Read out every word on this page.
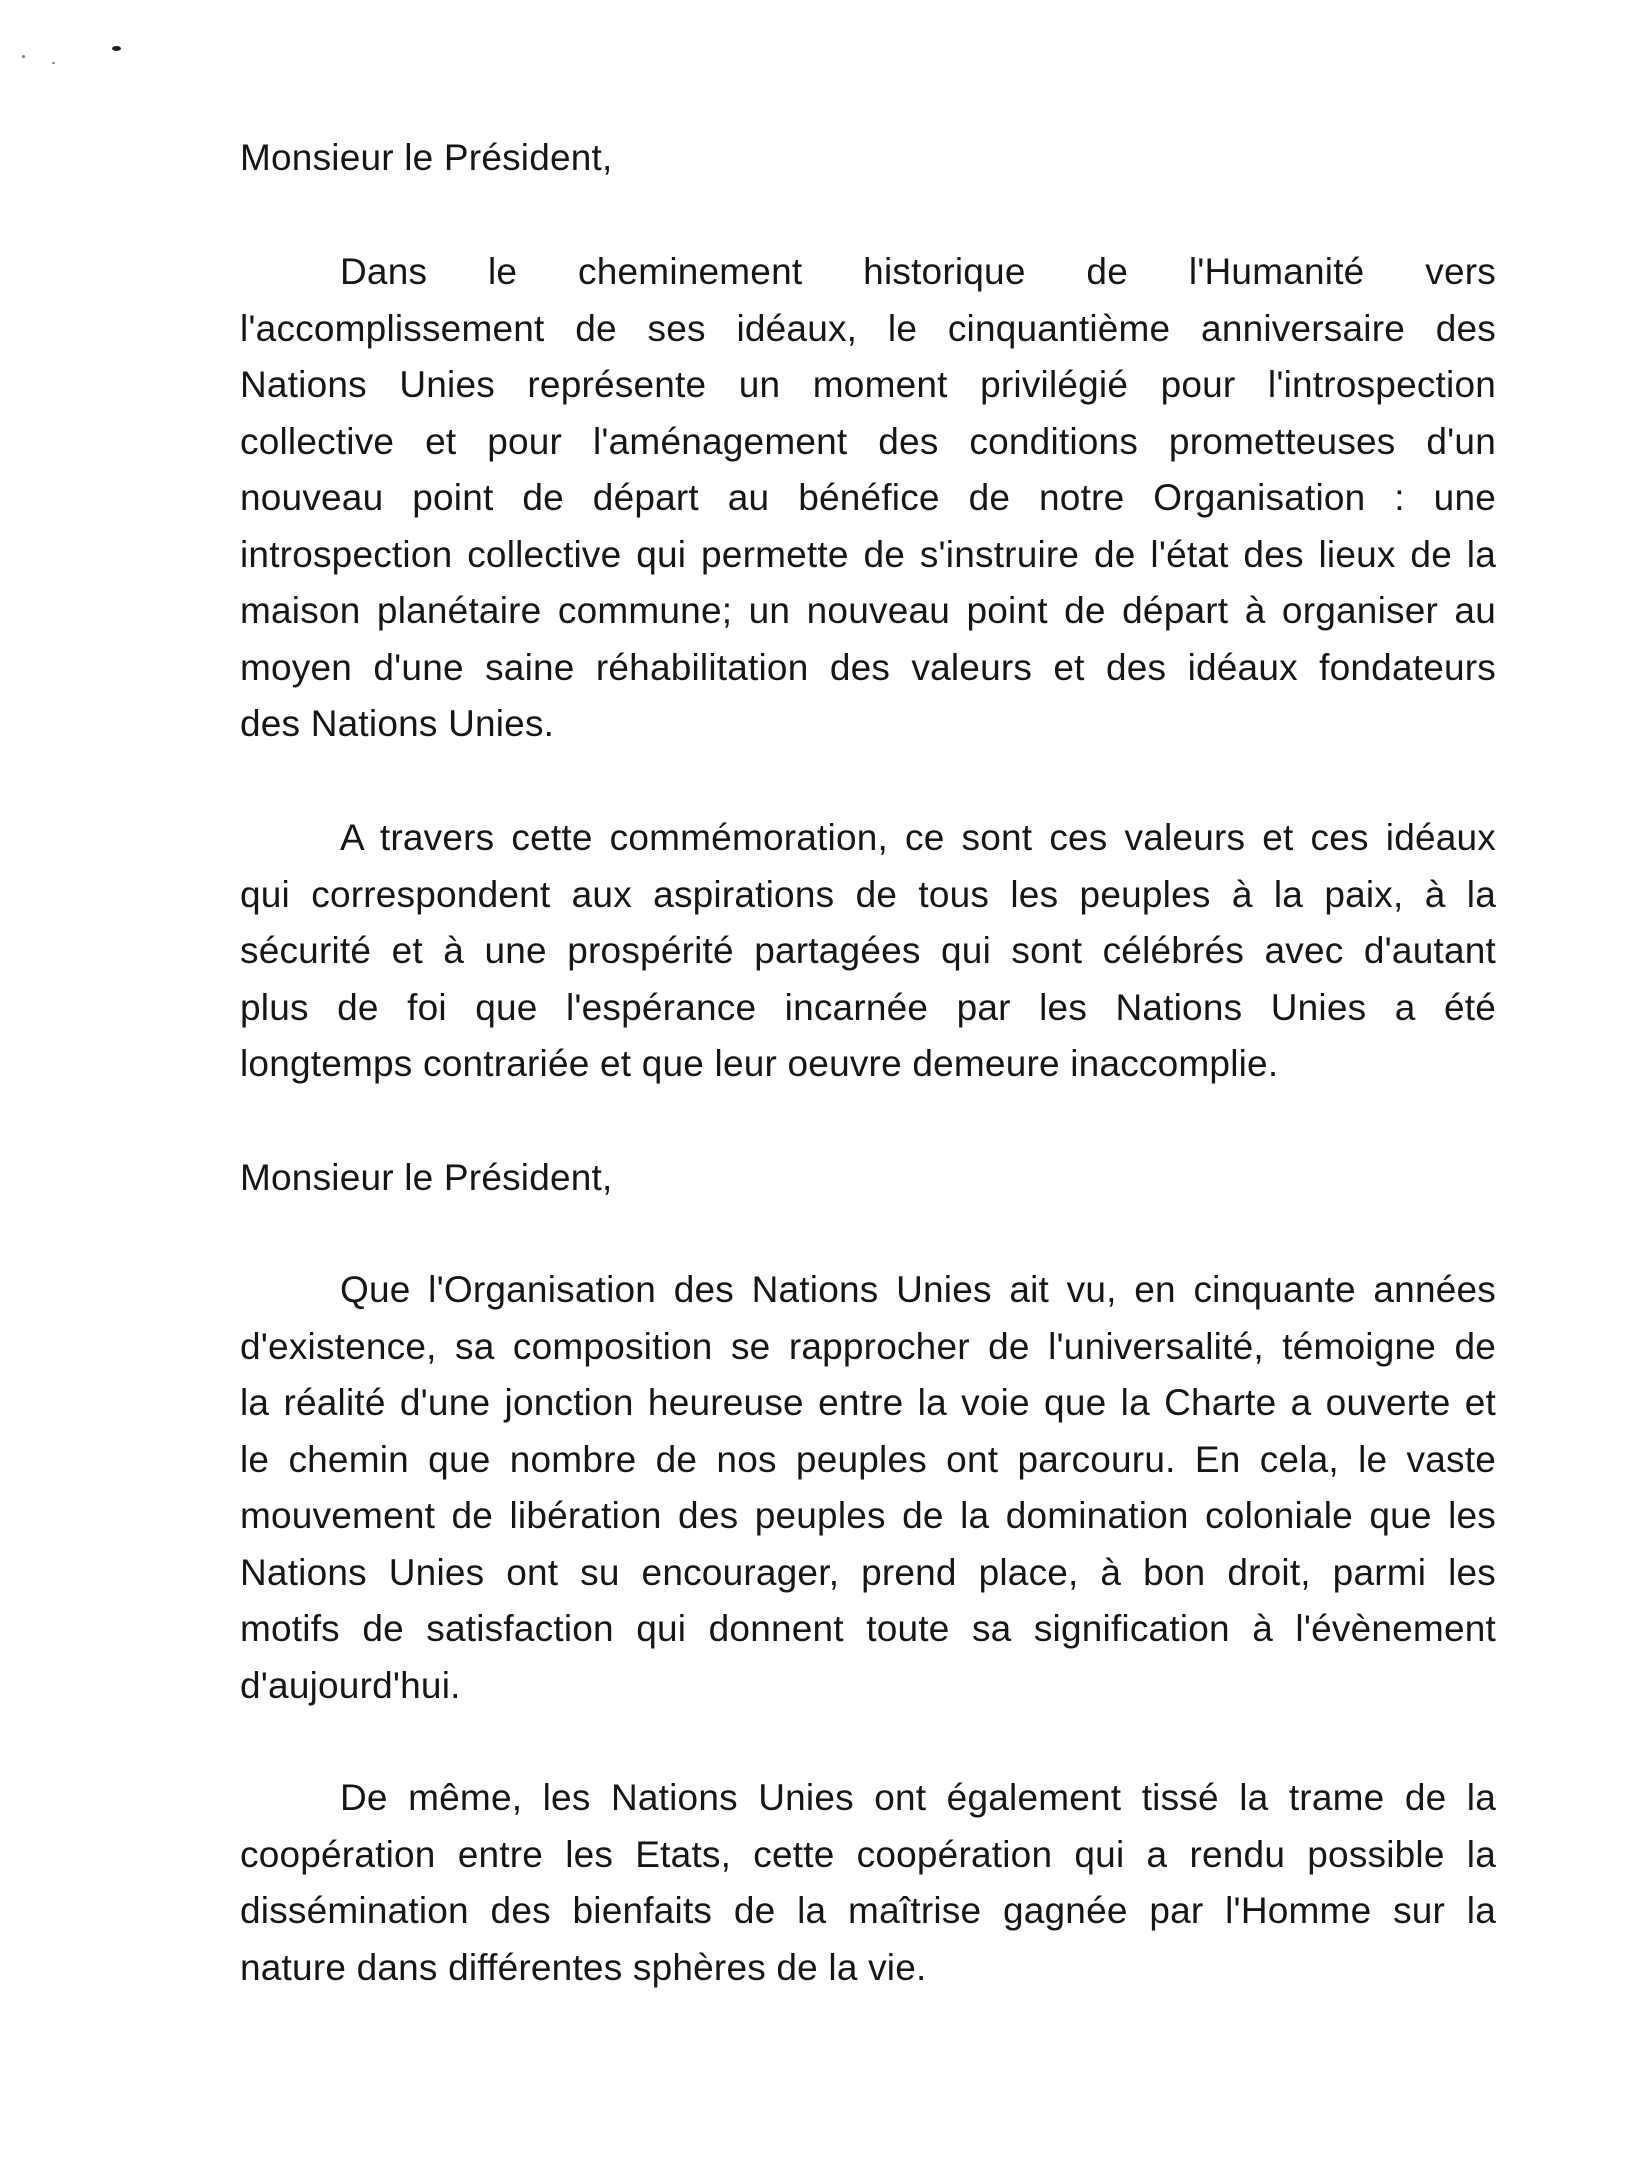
Monsieur le Président,
Dans le cheminement historique de l'Humanité vers
l'accomplissement de ses idéaux, le cinquantième anniversaire des
Nations Unies représente un moment privilégié pour l'introspection
collective et pour l'aménagement des conditions prometteuses d'un
nouveau point de départ au bénéfice de notre Organisation : une
introspection collective qui permette de s'instruire de l'état des lieux de la
maison planétaire commune; un nouveau point de départ à organiser au
moyen d'une saine réhabilitation des valeurs et des idéaux fondateurs
des Nations Unies.
A travers cette commémoration, ce sont ces valeurs et ces idéaux
qui correspondent aux aspirations de tous les peuples à la paix, à la
sécurité et à une prospérité partagées qui sont célébrés avec d'autant
plus de foi que l'espérance incarnée par les Nations Unies a été
longtemps contrariée et que leur oeuvre demeure inaccomplie.
Monsieur le Président,
Que l'Organisation des Nations Unies ait vu, en cinquante années
d'existence, sa composition se rapprocher de l'universalité, témoigne de
la réalité d'une jonction heureuse entre la voie que la Charte a ouverte et
le chemin que nombre de nos peuples ont parcouru. En cela, le vaste
mouvement de libération des peuples de la domination coloniale que les
Nations Unies ont su encourager, prend place, à bon droit, parmi les
motifs de satisfaction qui donnent toute sa signification à l'évènement
d'aujourd'hui.
De même, les Nations Unies ont également tissé la trame de la
coopération entre les Etats, cette coopération qui a rendu possible la
dissémination des bienfaits de la maîtrise gagnée par l'Homme sur la
nature dans différentes sphères de la vie.
